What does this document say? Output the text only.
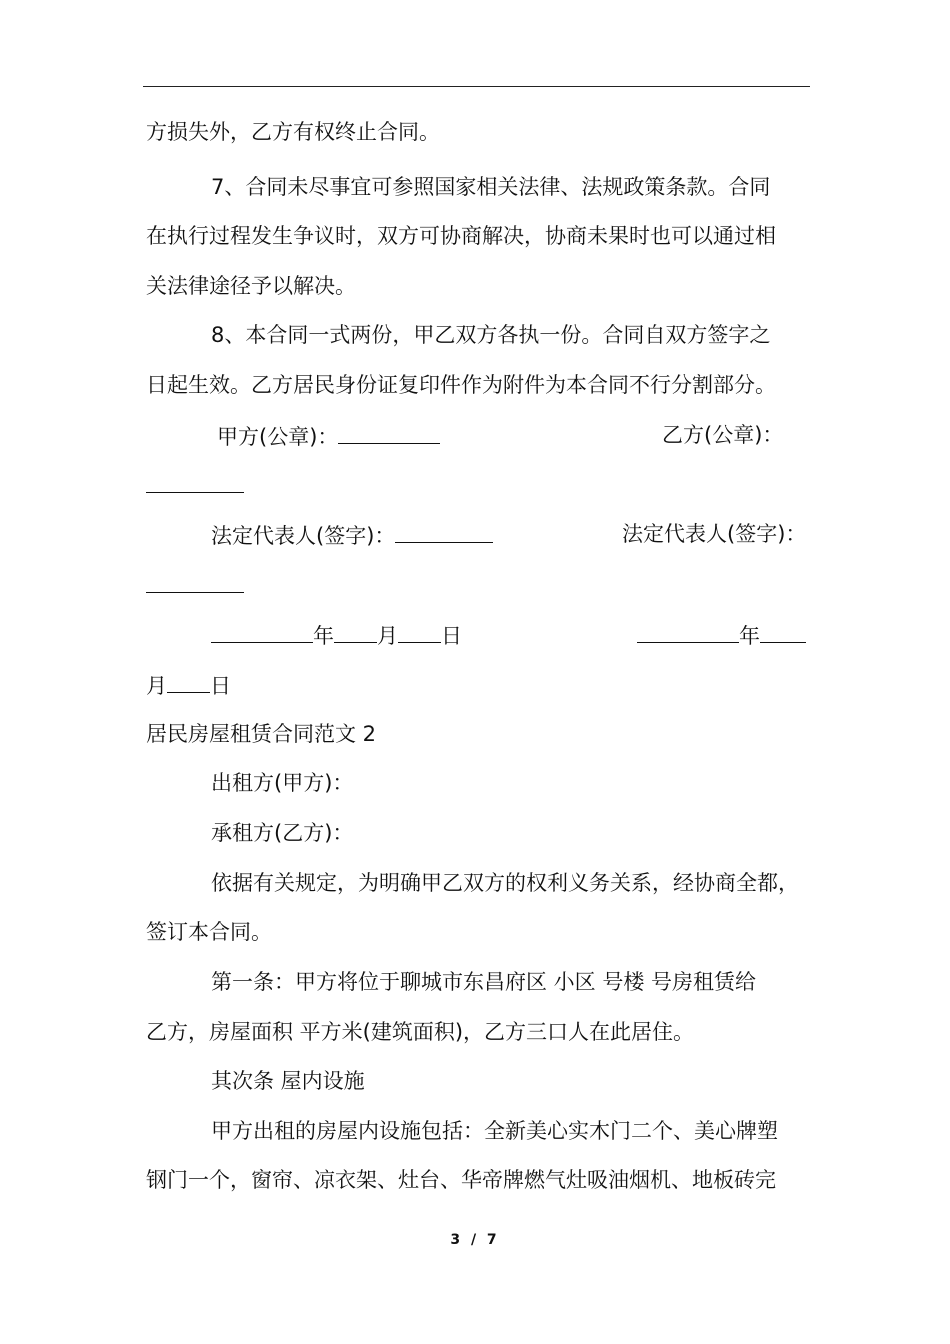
方损失外，乙方有权终止合同。
7、合同未尽事宜可参照国家相关法律、法规政策条款。合同
在执行过程发生争议时，双方可协商解决，协商未果时也可以通过相
关法律途径予以解决。
8、本合同一式两份，甲乙双方各执一份。合同自双方签字之
日起生效。乙方居民身份证复印件作为附件为本合同不行分割部分。
甲方(公章)：	乙方(公章)：
法定代表人(签字)：	法定代表人(签字)：
年 月 日	年
月 日
居民房屋租赁合同范文 2
出租方(甲方)：
承租方(乙方)：
依据有关规定，为明确甲乙双方的权利义务关系，经协商全都，
签订本合同。
第一条：甲方将位于聊城市东昌府区 小区 号楼 号房租赁给
乙方，房屋面积 平方米(建筑面积)，乙方三口人在此居住。
其次条 屋内设施
甲方出租的房屋内设施包括：全新美心实木门二个、美心牌塑
钢门一个，窗帘、凉衣架、灶台、华帝牌燃气灶吸油烟机、地板砖完
3 / 7
